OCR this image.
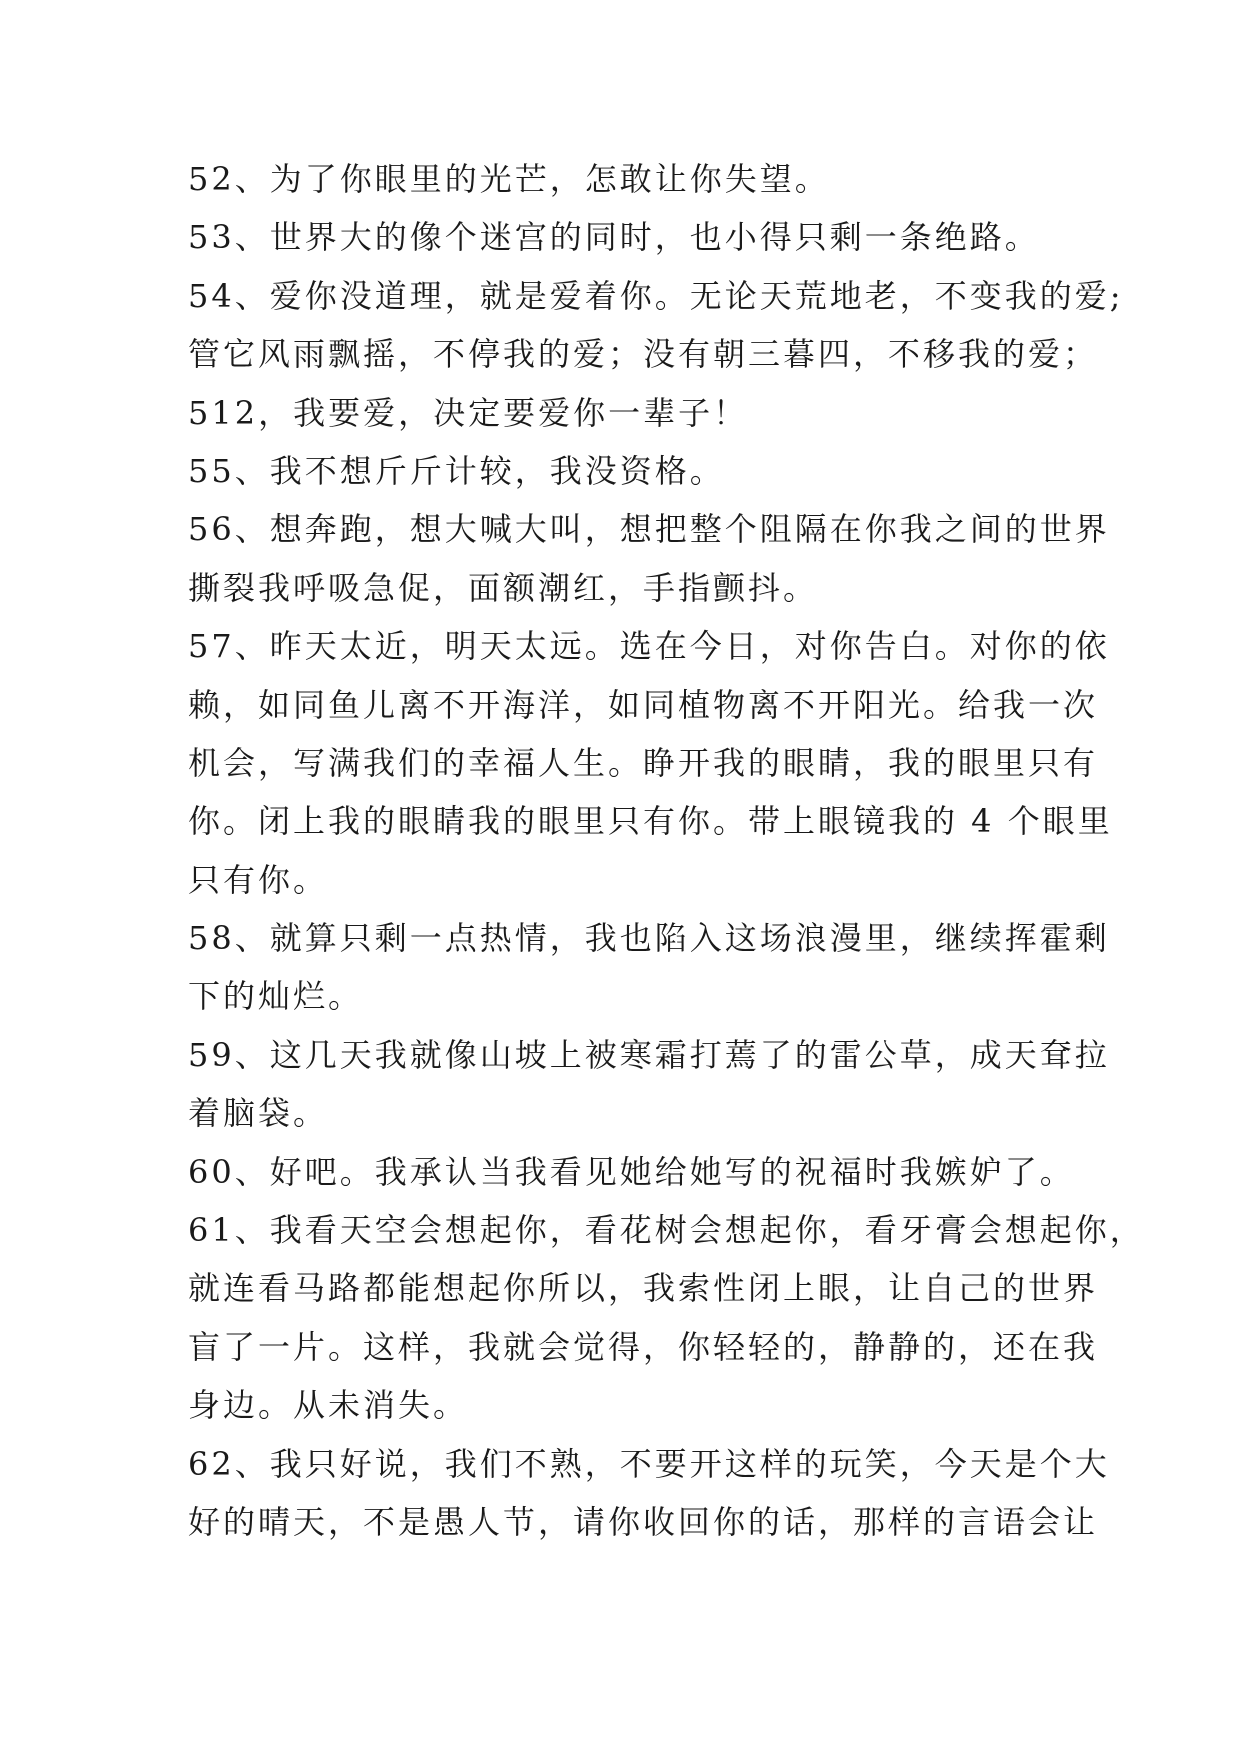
52、为了你眼里的光芒，怎敢让你失望。
53、世界大的像个迷宫的同时，也小得只剩一条绝路。
54、爱你没道理，就是爱着你。无论天荒地老，不变我的爱;
管它风雨飘摇，不停我的爱；没有朝三暮四，不移我的爱；
512，我要爱，决定要爱你一辈子！
55、我不想斤斤计较，我没资格。
56、想奔跑，想大喊大叫，想把整个阻隔在你我之间的世界
撕裂我呼吸急促，面额潮红，手指颤抖。
57、昨天太近，明天太远。选在今日，对你告白。对你的依
赖，如同鱼儿离不开海洋，如同植物离不开阳光。给我一次
机会，写满我们的幸福人生。睁开我的眼睛，我的眼里只有
你。闭上我的眼睛我的眼里只有你。带上眼镜我的 4 个眼里
只有你。
58、就算只剩一点热情，我也陷入这场浪漫里，继续挥霍剩
下的灿烂。
59、这几天我就像山坡上被寒霜打蔫了的雷公草，成天耷拉
着脑袋。
60、好吧。我承认当我看见她给她写的祝福时我嫉妒了。
61、我看天空会想起你，看花树会想起你，看牙膏会想起你，
就连看马路都能想起你所以，我索性闭上眼，让自己的世界
盲了一片。这样，我就会觉得，你轻轻的，静静的，还在我
身边。从未消失。
62、我只好说，我们不熟，不要开这样的玩笑，今天是个大
好的晴天，不是愚人节，请你收回你的话，那样的言语会让
